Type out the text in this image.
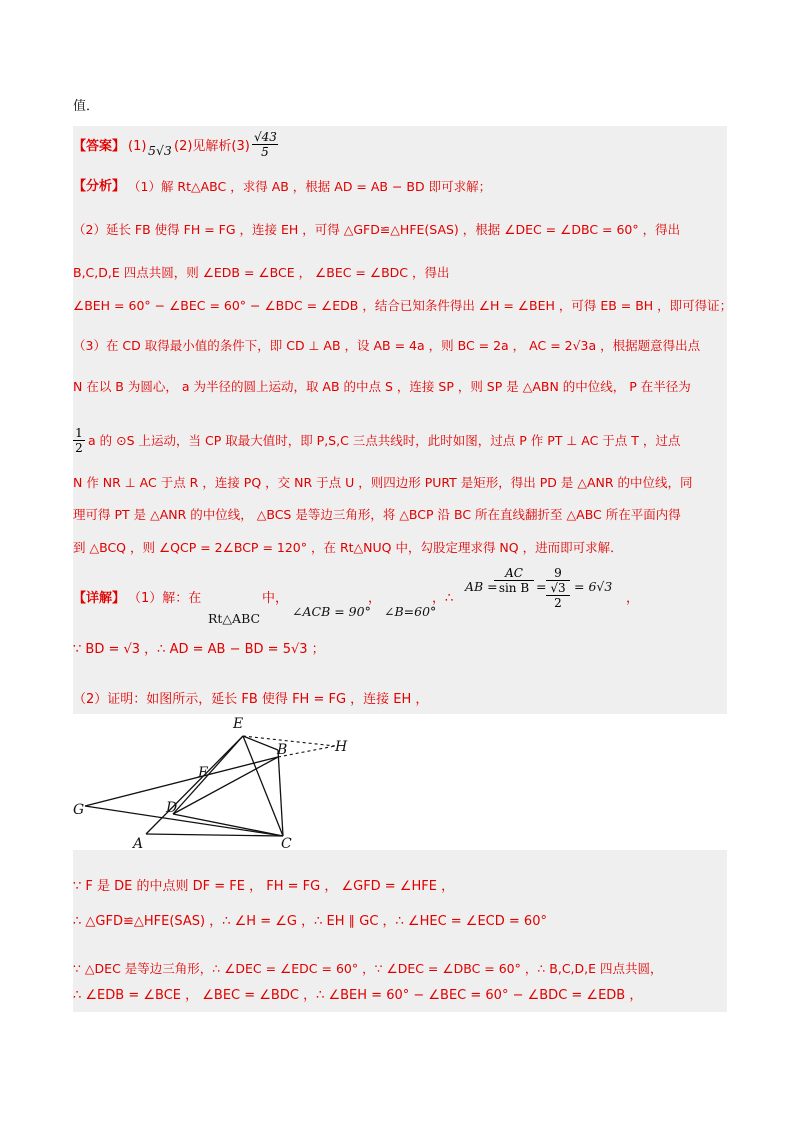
值．
【答案】 (1) 5√3 (2)见解析$(3) \frac{√43}{5}$
【分析】 （1）解 Rt△ABC ，求得 AB ，根据 AD = AB − BD 即可求解；
（2）延长 FB 使得 FH = FG ，连接 EH ，可得 △GFD≌△HFE(SAS) ，根据 ∠DEC = ∠DBC = 60° ，得出
B,C,D,E 四点共圆，则 ∠EDB = ∠BCE ， ∠BEC = ∠BDC ，得出
∠BEH = 60° − ∠BEC = 60° − ∠BDC = ∠EDB ，结合已知条件得出 ∠H = ∠BEH ，可得 EB = BH ，即可得证；
（3）在 CD 取得最小值的条件下，即 CD ⊥ AB ，设 AB = 4a ，则 BC = 2a ， AC = 2√3a ，根据题意得出点
N 在以 B 为圆心， a 为半径的圆上运动，取 AB 的中点 S ，连接 SP ，则 SP 是 △ABN 的中位线， P 在半径为
$\frac{1}{2}$ a 的 ⊙S 上运动，当 CP 取最大值时，即 P,S,C 三点共线时，此时如图，过点 P 作 PT ⊥ AC 于点 T ，过点
N 作 NR ⊥ AC 于点 R ，连接 PQ ，交 NR 于点 U ，则四边形 PURT 是矩形，得出 PD 是 △ANR 的中位线，同
理可得 PT 是 △ANR 的中位线， △BCS 是等边三角形，将 △BCP 沿 BC 所在直线翻折至 △ABC 所在平面内得
到 △BCQ ，则 ∠QCP = 2∠BCP = 120° ，在 Rt△NUQ 中，勾股定理求得 NQ ，进而即可求解．
【详解】 （1）解：在	中，
Rt△ABC	∠ACB = 90°
，
∠B=60°
，∴
AB =
$\frac{AC}{\text{sin B}}$ =
9
√3
2
= 6√3
，
∵ BD = √3 ，∴ AD = AB − BD = 5√3 ；
（2）证明：如图所示，延长 FB 使得 FH = FG ，连接 EH ，
E
B	H
F
G	D
A	C
∵ F 是 DE 的中点则 DF = FE ， FH = FG ， ∠GFD = ∠HFE ，
∴ △GFD≌△HFE(SAS) ，∴ ∠H = ∠G ，∴ EH ∥ GC ，∴ ∠HEC = ∠ECD = 60°
∵ △DEC 是等边三角形，∴ ∠DEC = ∠EDC = 60° ，∵ ∠DEC = ∠DBC = 60° ，∴ B,C,D,E 四点共圆，
∴ ∠EDB = ∠BCE ， ∠BEC = ∠BDC ，∴ ∠BEH = 60° − ∠BEC = 60° − ∠BDC = ∠EDB ，
